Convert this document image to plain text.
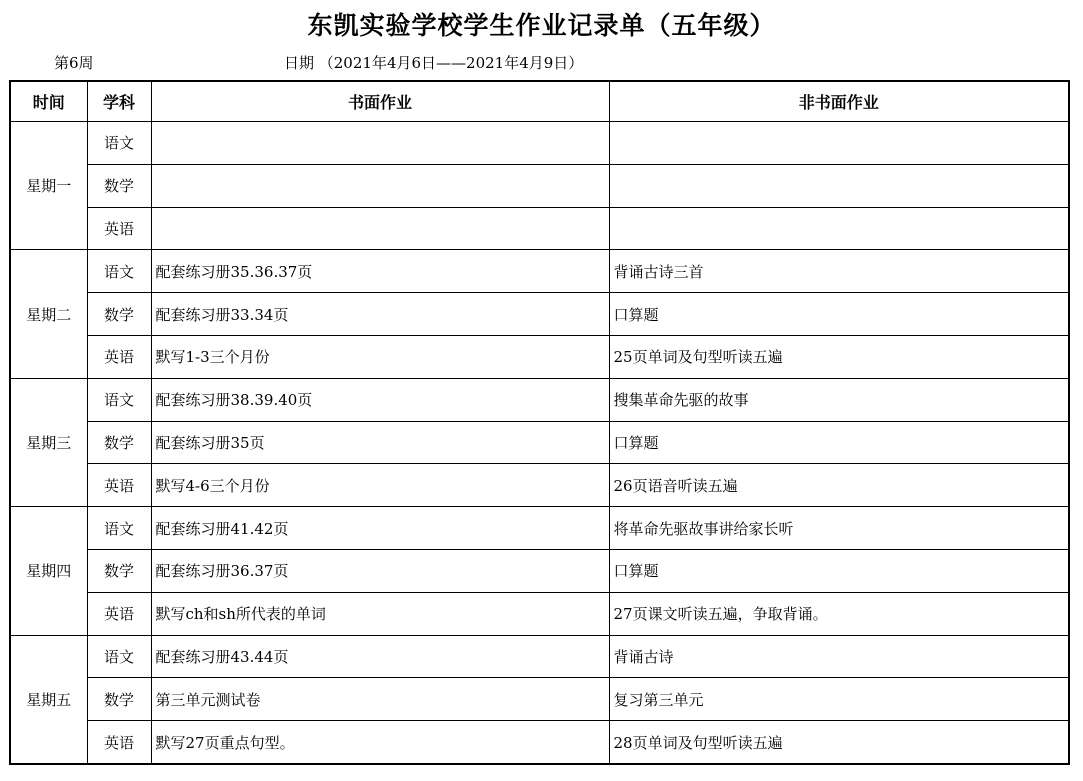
东凯实验学校学生作业记录单（五年级）
第6周	日期 （2021年4月6日——2021年4月9日）
时间	学科	书面作业	非书面作业
星期一	语文		
	数学		
	英语		
星期二	语文	配套练习册35.36.37页	背诵古诗三首
	数学	配套练习册33.34页	口算题
	英语	默写1-3三个月份	25页单词及句型听读五遍
星期三	语文	配套练习册38.39.40页	搜集革命先驱的故事
	数学	配套练习册35页	口算题
	英语	默写4-6三个月份	26页语音听读五遍
星期四	语文	配套练习册41.42页	将革命先驱故事讲给家长听
	数学	配套练习册36.37页	口算题
	英语	默写ch和sh所代表的单词	27页课文听读五遍，争取背诵。
星期五	语文	配套练习册43.44页	背诵古诗
	数学	第三单元测试卷	复习第三单元
	英语	默写27页重点句型。	28页单词及句型听读五遍
